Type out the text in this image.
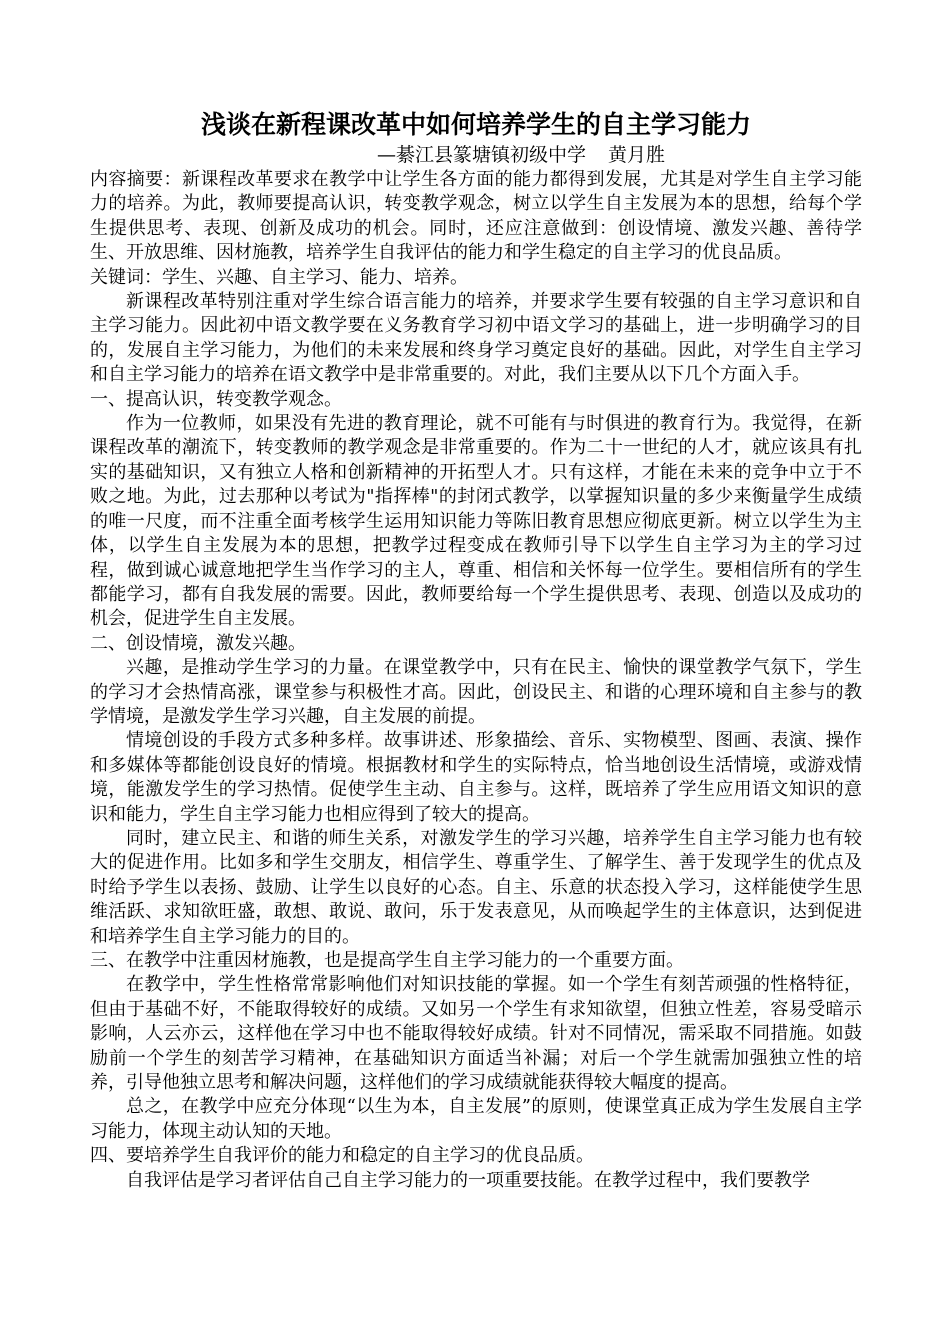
浅谈在新程课改革中如何培养学生的自主学习能力
—綦江县篆塘镇初级中学 黄月胜

内容摘要：新课程改革要求在教学中让学生各方面的能力都得到发展，尤其是对学生自主学习能力的培养。为此，教师要提高认识，转变教学观念，树立以学生自主发展为本的思想，给每个学生提供思考、表现、创新及成功的机会。同时，还应注意做到：创设情境、激发兴趣、善待学生、开放思维、因材施教，培养学生自我评估的能力和学生稳定的自主学习的优良品质。

关键词：学生、兴趣、自主学习、能力、培养。

新课程改革特别注重对学生综合语言能力的培养，并要求学生要有较强的自主学习意识和自主学习能力。因此初中语文教学要在义务教育学习初中语文学习的基础上，进一步明确学习的目的，发展自主学习能力，为他们的未来发展和终身学习奠定良好的基础。因此，对学生自主学习和自主学习能力的培养在语文教学中是非常重要的。对此，我们主要从以下几个方面入手。

一、提高认识，转变教学观念。

作为一位教师，如果没有先进的教育理论，就不可能有与时俱进的教育行为。我觉得，在新课程改革的潮流下，转变教师的教学观念是非常重要的。作为二十一世纪的人才，就应该具有扎实的基础知识，又有独立人格和创新精神的开拓型人才。只有这样，才能在未来的竞争中立于不败之地。为此，过去那种以考试为"指挥棒"的封闭式教学，以掌握知识量的多少来衡量学生成绩的唯一尺度，而不注重全面考核学生运用知识能力等陈旧教育思想应彻底更新。树立以学生为主体，以学生自主发展为本的思想，把教学过程变成在教师引导下以学生自主学习为主的学习过程，做到诚心诚意地把学生当作学习的主人，尊重、相信和关怀每一位学生。要相信所有的学生都能学习，都有自我发展的需要。因此，教师要给每一个学生提供思考、表现、创造以及成功的机会，促进学生自主发展。

二、创设情境，激发兴趣。

兴趣，是推动学生学习的力量。在课堂教学中，只有在民主、愉快的课堂教学气氛下，学生的学习才会热情高涨，课堂参与积极性才高。因此，创设民主、和谐的心理环境和自主参与的教学情境，是激发学生学习兴趣，自主发展的前提。

情境创设的手段方式多种多样。故事讲述、形象描绘、音乐、实物模型、图画、表演、操作和多媒体等都能创设良好的情境。根据教材和学生的实际特点，恰当地创设生活情境，或游戏情境，能激发学生的学习热情。促使学生主动、自主参与。这样，既培养了学生应用语文知识的意识和能力，学生自主学习能力也相应得到了较大的提高。

同时，建立民主、和谐的师生关系，对激发学生的学习兴趣，培养学生自主学习能力也有较大的促进作用。比如多和学生交朋友，相信学生、尊重学生、了解学生、善于发现学生的优点及时给予学生以表扬、鼓励、让学生以良好的心态。自主、乐意的状态投入学习，这样能使学生思维活跃、求知欲旺盛，敢想、敢说、敢问，乐于发表意见，从而唤起学生的主体意识，达到促进和培养学生自主学习能力的目的。

三、在教学中注重因材施教，也是提高学生自主学习能力的一个重要方面。

在教学中，学生性格常常影响他们对知识技能的掌握。如一个学生有刻苦顽强的性格特征，但由于基础不好，不能取得较好的成绩。又如另一个学生有求知欲望，但独立性差，容易受暗示影响，人云亦云，这样他在学习中也不能取得较好成绩。针对不同情况，需采取不同措施。如鼓励前一个学生的刻苦学习精神，在基础知识方面适当补漏；对后一个学生就需加强独立性的培养，引导他独立思考和解决问题，这样他们的学习成绩就能获得较大幅度的提高。

总之，在教学中应充分体现“以生为本，自主发展”的原则，使课堂真正成为学生发展自主学习能力，体现主动认知的天地。

四、要培养学生自我评价的能力和稳定的自主学习的优良品质。

自我评估是学习者评估自己自主学习能力的一项重要技能。在教学过程中，我们要教学
